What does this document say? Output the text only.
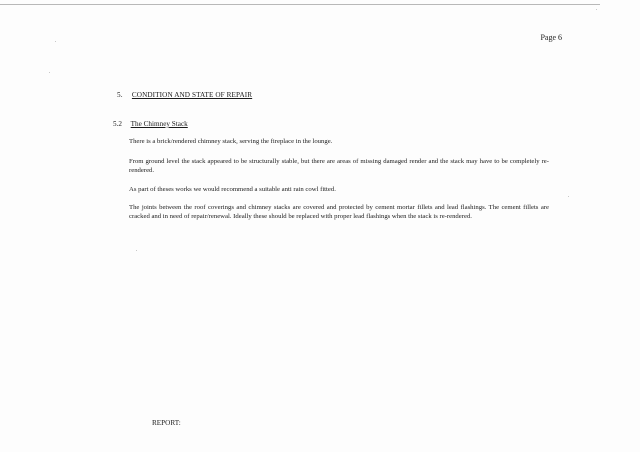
Page 6
5. CONDITION AND STATE OF REPAIR
5.2 The Chimney Stack
There is a brick/rendered chimney stack, serving the fireplace in the lounge.
From ground level the stack appeared to be structurally stable, but there are areas of missing damaged render and the stack may have to be completely re-rendered.
As part of theses works we would recommend a suitable anti rain cowl fitted.
The joints between the roof coverings and chimney stacks are covered and protected by cement mortar fillets and lead flashings. The cement fillets are cracked and in need of repair/renewal. Ideally these should be replaced with proper lead flashings when the stack is re-rendered.
REPORT:
